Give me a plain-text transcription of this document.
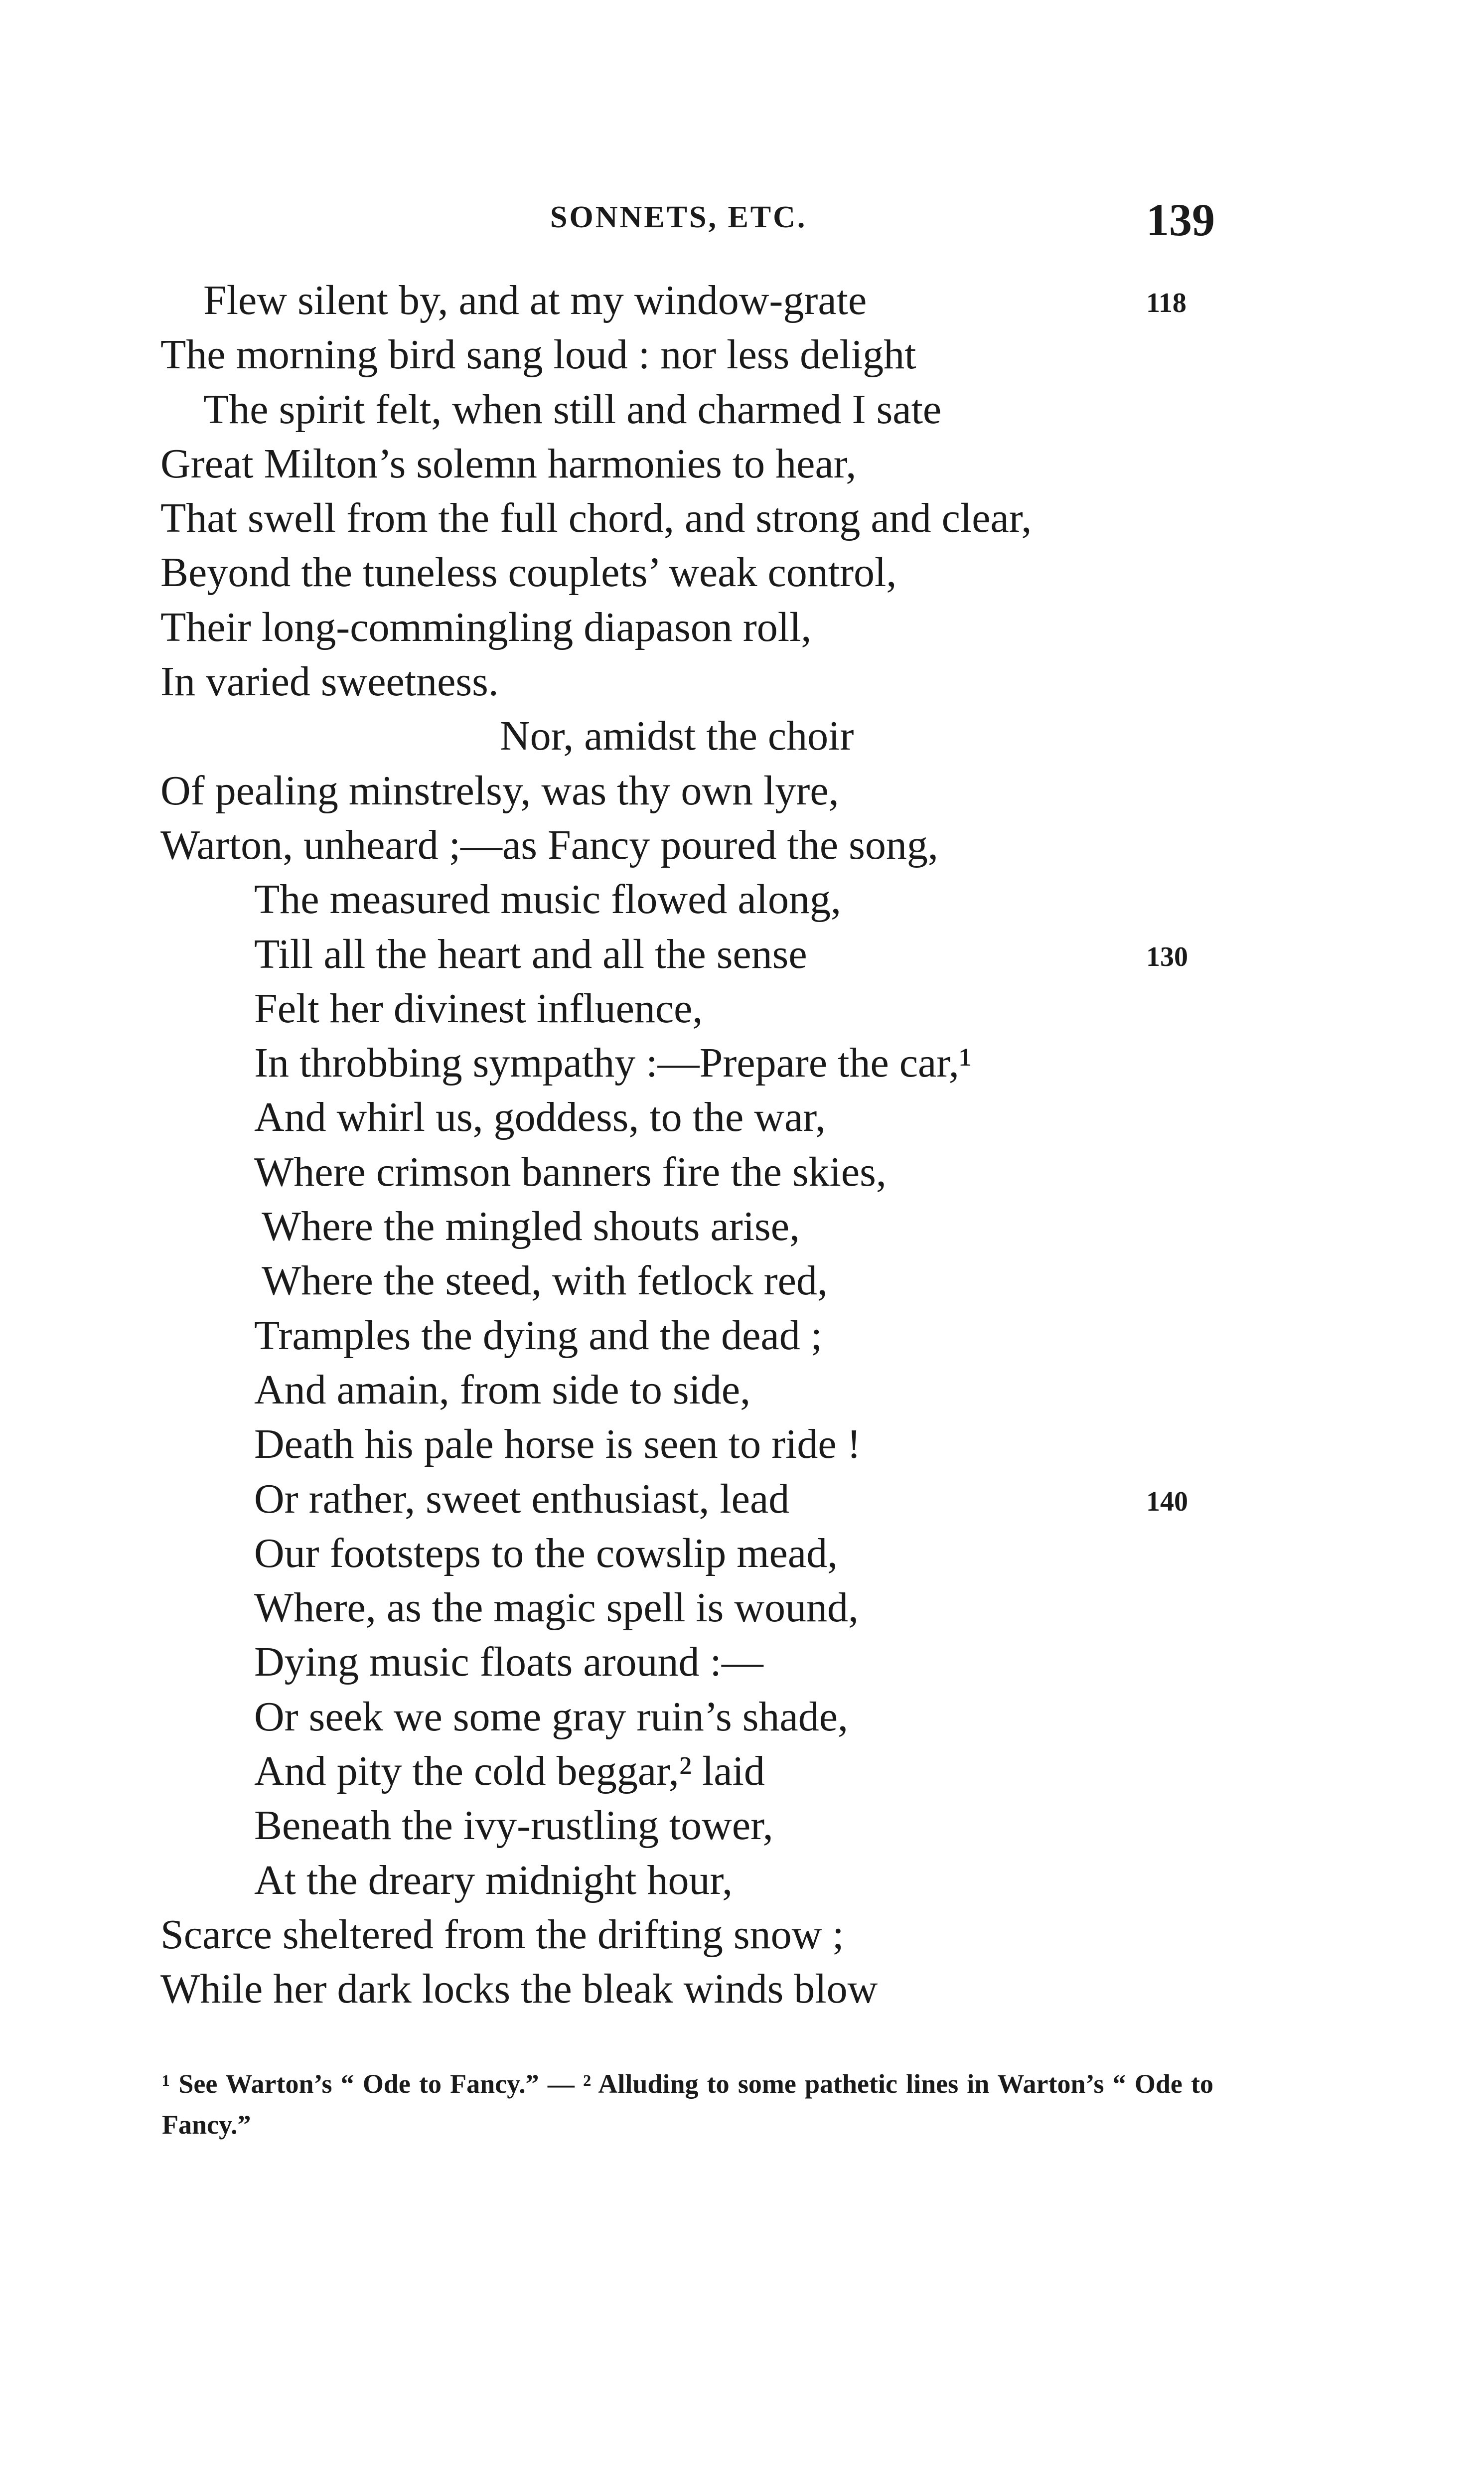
SONNETS, ETC.	139
Flew silent by, and at my window-grate	118
The morning bird sang loud : nor less delight
The spirit felt, when still and charmed I sate
Great Milton’s solemn harmonies to hear,
That swell from the full chord, and strong and clear,
Beyond the tuneless couplets’ weak control,
Their long-commingling diapason roll,
In varied sweetness.
Nor, amidst the choir
Of pealing minstrelsy, was thy own lyre,
Warton, unheard ;—as Fancy poured the song,
The measured music flowed along,
Till all the heart and all the sense	130
Felt her divinest influence,
In throbbing sympathy :—Prepare the car,¹
And whirl us, goddess, to the war,
Where crimson banners fire the skies,
Where the mingled shouts arise,
Where the steed, with fetlock red,
Tramples the dying and the dead ;
And amain, from side to side,
Death his pale horse is seen to ride !
Or rather, sweet enthusiast, lead	140
Our footsteps to the cowslip mead,
Where, as the magic spell is wound,
Dying music floats around :—
Or seek we some gray ruin’s shade,
And pity the cold beggar,² laid
Beneath the ivy-rustling tower,
At the dreary midnight hour,
Scarce sheltered from the drifting snow ;
While her dark locks the bleak winds blow
¹ See Warton’s “ Ode to Fancy.” — ² Alluding to some pathetic lines in Warton’s “ Ode to Fancy.”
